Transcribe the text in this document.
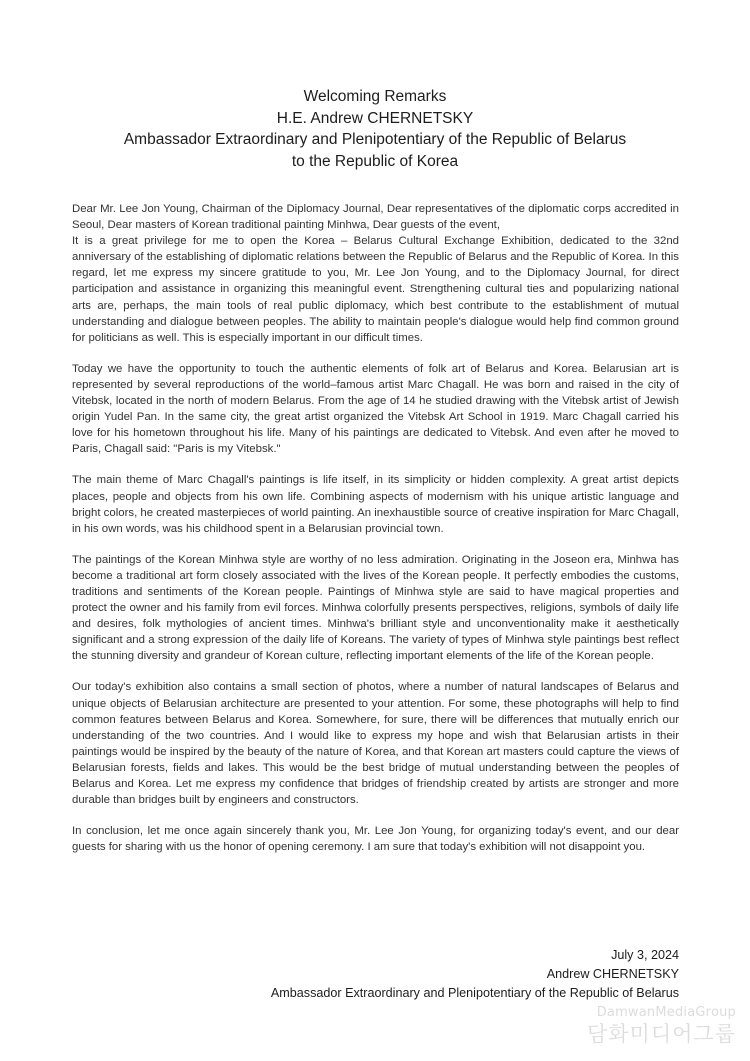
Welcoming Remarks
H.E. Andrew CHERNETSKY
Ambassador Extraordinary and Plenipotentiary of the Republic of Belarus
to the Republic of Korea

Dear Mr. Lee Jon Young, Chairman of the Diplomacy Journal, Dear representatives of the diplomatic corps accredited in Seoul, Dear masters of Korean traditional painting Minhwa, Dear guests of the event,

It is a great privilege for me to open the Korea – Belarus Cultural Exchange Exhibition, dedicated to the 32nd anniversary of the establishing of diplomatic relations between the Republic of Belarus and the Republic of Korea. In this regard, let me express my sincere gratitude to you, Mr. Lee Jon Young, and to the Diplomacy Journal, for direct participation and assistance in organizing this meaningful event. Strengthening cultural ties and popularizing national arts are, perhaps, the main tools of real public diplomacy, which best contribute to the establishment of mutual understanding and dialogue between peoples. The ability to maintain people's dialogue would help find common ground for politicians as well. This is especially important in our difficult times.

Today we have the opportunity to touch the authentic elements of folk art of Belarus and Korea. Belarusian art is represented by several reproductions of the world–famous artist Marc Chagall. He was born and raised in the city of Vitebsk, located in the north of modern Belarus. From the age of 14 he studied drawing with the Vitebsk artist of Jewish origin Yudel Pan. In the same city, the great artist organized the Vitebsk Art School in 1919. Marc Chagall carried his love for his hometown throughout his life. Many of his paintings are dedicated to Vitebsk. And even after he moved to Paris, Chagall said: "Paris is my Vitebsk."

The main theme of Marc Chagall's paintings is life itself, in its simplicity or hidden complexity. A great artist depicts places, people and objects from his own life. Combining aspects of modernism with his unique artistic language and bright colors, he created masterpieces of world painting. An inexhaustible source of creative inspiration for Marc Chagall, in his own words, was his childhood spent in a Belarusian provincial town.

The paintings of the Korean Minhwa style are worthy of no less admiration. Originating in the Joseon era, Minhwa has become a traditional art form closely associated with the lives of the Korean people. It perfectly embodies the customs, traditions and sentiments of the Korean people. Paintings of Minhwa style are said to have magical properties and protect the owner and his family from evil forces. Minhwa colorfully presents perspectives, religions, symbols of daily life and desires, folk mythologies of ancient times. Minhwa's brilliant style and unconventionality make it aesthetically significant and a strong expression of the daily life of Koreans. The variety of types of Minhwa style paintings best reflect the stunning diversity and grandeur of Korean culture, reflecting important elements of the life of the Korean people.

Our today's exhibition also contains a small section of photos, where a number of natural landscapes of Belarus and unique objects of Belarusian architecture are presented to your attention. For some, these photographs will help to find common features between Belarus and Korea. Somewhere, for sure, there will be differences that mutually enrich our understanding of the two countries. And I would like to express my hope and wish that Belarusian artists in their paintings would be inspired by the beauty of the nature of Korea, and that Korean art masters could capture the views of Belarusian forests, fields and lakes. This would be the best bridge of mutual understanding between the peoples of Belarus and Korea. Let me express my confidence that bridges of friendship created by artists are stronger and more durable than bridges built by engineers and constructors.

In conclusion, let me once again sincerely thank you, Mr. Lee Jon Young, for organizing today's event, and our dear guests for sharing with us the honor of opening ceremony. I am sure that today's exhibition will not disappoint you.

July 3, 2024
Andrew CHERNETSKY
Ambassador Extraordinary and Plenipotentiary of the Republic of Belarus
DamwanMediaGroup
담화미디어그룹
